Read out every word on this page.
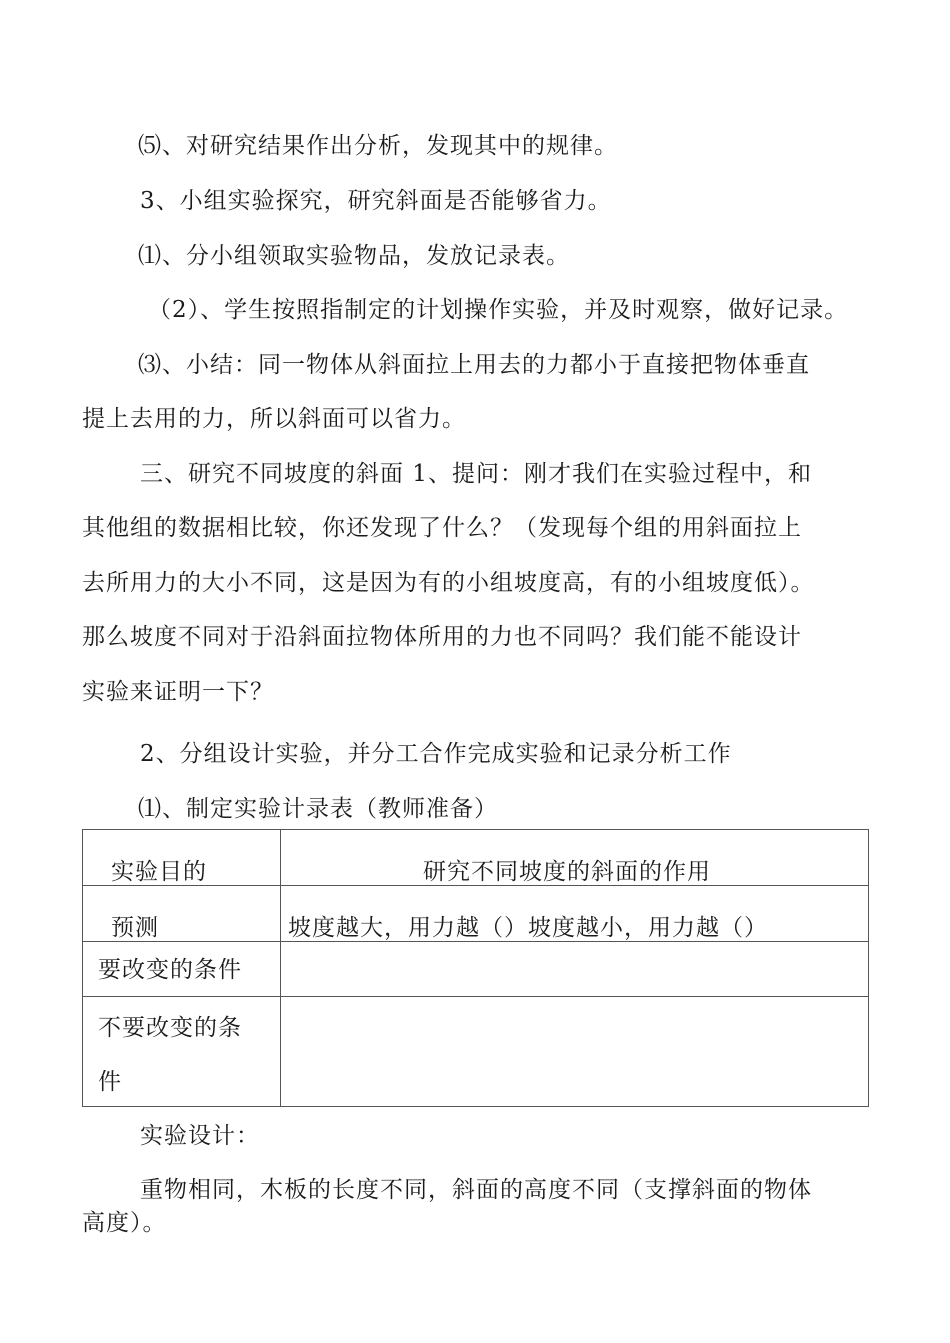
⑸、对研究结果作出分析，发现其中的规律。
3、小组实验探究，研究斜面是否能够省力。
⑴、分小组领取实验物品，发放记录表。
（2）、学生按照指制定的计划操作实验，并及时观察，做好记录。
⑶、小结：同一物体从斜面拉上用去的力都小于直接把物体垂直
提上去用的力，所以斜面可以省力。
三、研究不同坡度的斜面 1、提问：刚才我们在实验过程中，和
其他组的数据相比较，你还发现了什么？（发现每个组的用斜面拉上
去所用力的大小不同，这是因为有的小组坡度高，有的小组坡度低）。
那么坡度不同对于沿斜面拉物体所用的力也不同吗？我们能不能设计
实验来证明一下？
2、分组设计实验，并分工合作完成实验和记录分析工作
⑴、制定实验计录表（教师准备）
实验目的	研究不同坡度的斜面的作用
预测	坡度越大，用力越（）坡度越小，用力越（）
要改变的条件
不要改变的条
件
实验设计：
重物相同，木板的长度不同，斜面的高度不同（支撑斜面的物体
高度）。
